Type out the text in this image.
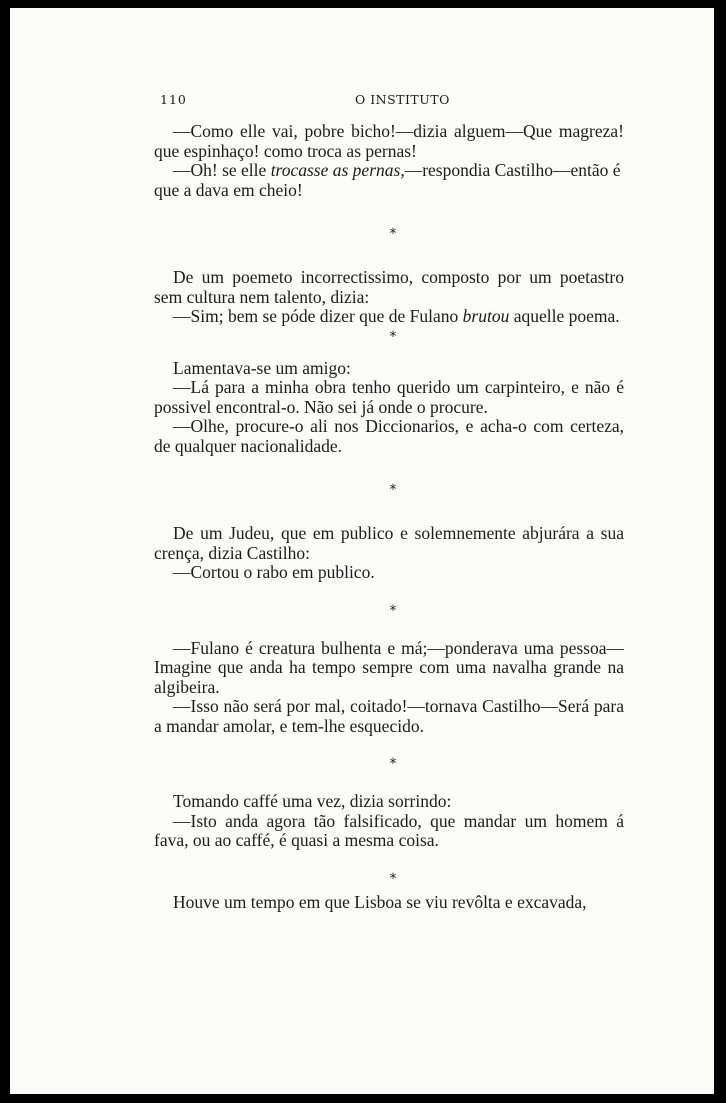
110	O INSTITUTO

—Como elle vai, pobre bicho!—dizia alguem—Que magreza! que espinhaço! como troca as pernas!

—Oh! se elle trocasse as pernas,—respondia Castilho—então é que a dava em cheio!

*

De um poemeto incorrectissimo, composto por um poetastro sem cultura nem talento, dizia:

—Sim; bem se póde dizer que de Fulano brutou aquelle poema.

*

Lamentava-se um amigo:

—Lá para a minha obra tenho querido um carpinteiro, e não é possivel encontral-o. Não sei já onde o procure.

—Olhe, procure-o ali nos Diccionarios, e acha-o com certeza, de qualquer nacionalidade.

*

De um Judeu, que em publico e solemnemente abjurára a sua crença, dizia Castilho:

—Cortou o rabo em publico.

*

—Fulano é creatura bulhenta e má;—ponderava uma pessoa—Imagine que anda ha tempo sempre com uma navalha grande na algibeira.

—Isso não será por mal, coitado!—tornava Castilho—Será para a mandar amolar, e tem-lhe esquecido.

*

Tomando caffé uma vez, dizia sorrindo:

—Isto anda agora tão falsificado, que mandar um homem á fava, ou ao caffé, é quasi a mesma coisa.

*

Houve um tempo em que Lisboa se viu revôlta e excavada,
